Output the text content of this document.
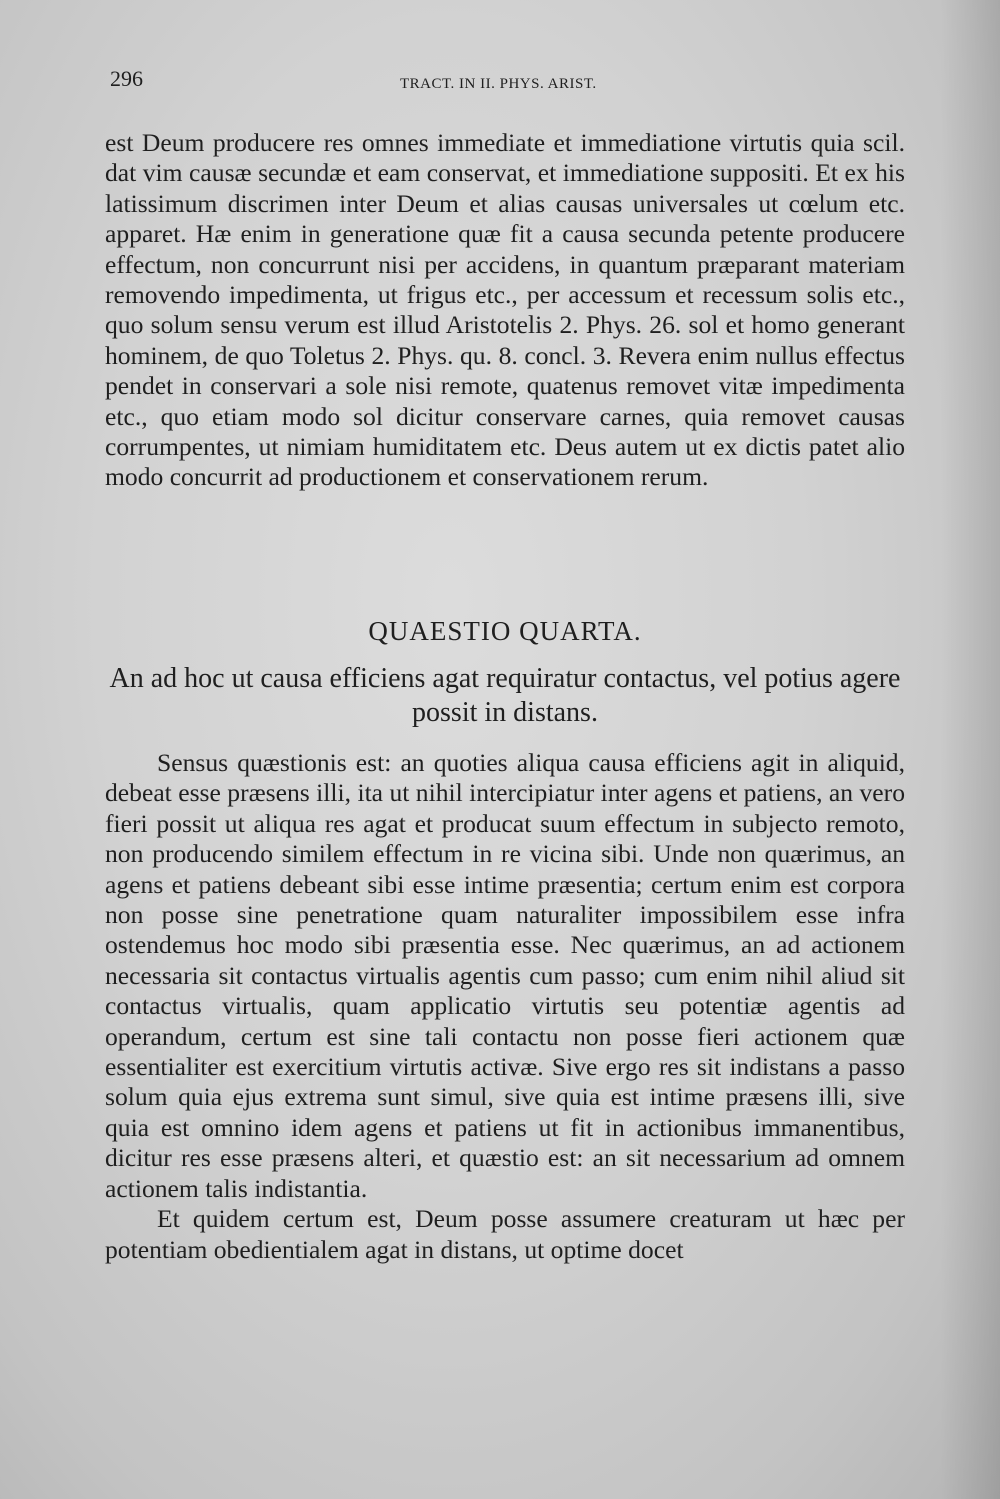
296	TRACT. IN II. PHYS. ARIST.

est Deum producere res omnes immediate et immediatione virtutis quia scil. dat vim causæ secundæ et eam conservat, et immediatione suppositi. Et ex his latissimum discrimen inter Deum et alias causas universales ut cœlum etc. apparet. Hæ enim in generatione quæ fit a causa secunda petente producere effectum, non concurrunt nisi per accidens, in quantum præparant materiam removendo impedimenta, ut frigus etc., per accessum et recessum solis etc., quo solum sensu verum est illud Aristotelis 2. Phys. 26. sol et homo generant hominem, de quo Toletus 2. Phys. qu. 8. concl. 3. Revera enim nullus effectus pendet in conservari a sole nisi remote, quatenus removet vitæ impedimenta etc., quo etiam modo sol dicitur conservare carnes, quia removet causas corrumpentes, ut nimiam humiditatem etc. Deus autem ut ex dictis patet alio modo concurrit ad productionem et conservationem rerum.

QUAESTIO QUARTA.
An ad hoc ut causa efficiens agat requiratur contactus, vel potius agere possit in distans.

Sensus quæstionis est: an quoties aliqua causa efficiens agit in aliquid, debeat esse præsens illi, ita ut nihil intercipiatur inter agens et patiens, an vero fieri possit ut aliqua res agat et producat suum effectum in subjecto remoto, non producendo similem effectum in re vicina sibi. Unde non quærimus, an agens et patiens debeant sibi esse intime præsentia; certum enim est corpora non posse sine penetratione quam naturaliter impossibilem esse infra ostendemus hoc modo sibi præsentia esse. Nec quærimus, an ad actionem necessaria sit contactus virtualis agentis cum passo; cum enim nihil aliud sit contactus virtualis, quam applicatio virtutis seu potentiæ agentis ad operandum, certum est sine tali contactu non posse fieri actionem quæ essentialiter est exercitium virtutis activæ. Sive ergo res sit indistans a passo solum quia ejus extrema sunt simul, sive quia est intime præsens illi, sive quia est omnino idem agens et patiens ut fit in actionibus immanentibus, dicitur res esse præsens alteri, et quæstio est: an sit necessarium ad omnem actionem talis indistantia.

Et quidem certum est, Deum posse assumere creaturam ut hæc per potentiam obedientialem agat in distans, ut optime docet
